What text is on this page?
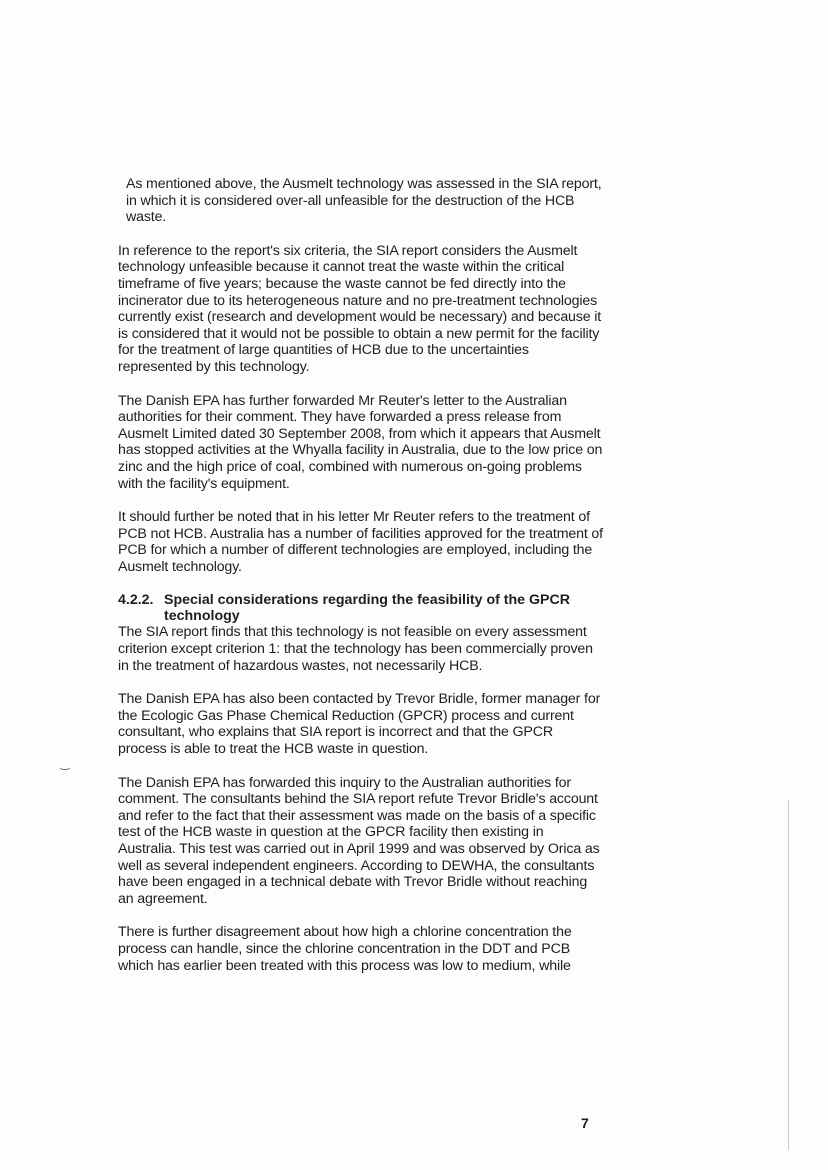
As mentioned above, the Ausmelt technology was assessed in the SIA report, in which it is considered over-all unfeasible for the destruction of the HCB waste.

In reference to the report's six criteria, the SIA report considers the Ausmelt technology unfeasible because it cannot treat the waste within the critical timeframe of five years; because the waste cannot be fed directly into the incinerator due to its heterogeneous nature and no pre-treatment technologies currently exist (research and development would be necessary) and because it is considered that it would not be possible to obtain a new permit for the facility for the treatment of large quantities of HCB due to the uncertainties represented by this technology.

The Danish EPA has further forwarded Mr Reuter's letter to the Australian authorities for their comment. They have forwarded a press release from Ausmelt Limited dated 30 September 2008, from which it appears that Ausmelt has stopped activities at the Whyalla facility in Australia, due to the low price on zinc and the high price of coal, combined with numerous on-going problems with the facility's equipment.

It should further be noted that in his letter Mr Reuter refers to the treatment of PCB not HCB. Australia has a number of facilities approved for the treatment of PCB for which a number of different technologies are employed, including the Ausmelt technology.

4.2.2. Special considerations regarding the feasibility of the GPCR technology

The SIA report finds that this technology is not feasible on every assessment criterion except criterion 1: that the technology has been commercially proven in the treatment of hazardous wastes, not necessarily HCB.

The Danish EPA has also been contacted by Trevor Bridle, former manager for the Ecologic Gas Phase Chemical Reduction (GPCR) process and current consultant, who explains that SIA report is incorrect and that the GPCR process is able to treat the HCB waste in question.

The Danish EPA has forwarded this inquiry to the Australian authorities for comment. The consultants behind the SIA report refute Trevor Bridle's account and refer to the fact that their assessment was made on the basis of a specific test of the HCB waste in question at the GPCR facility then existing in Australia. This test was carried out in April 1999 and was observed by Orica as well as several independent engineers. According to DEWHA, the consultants have been engaged in a technical debate with Trevor Bridle without reaching an agreement.

There is further disagreement about how high a chlorine concentration the process can handle, since the chlorine concentration in the DDT and PCB which has earlier been treated with this process was low to medium, while

‿
7
